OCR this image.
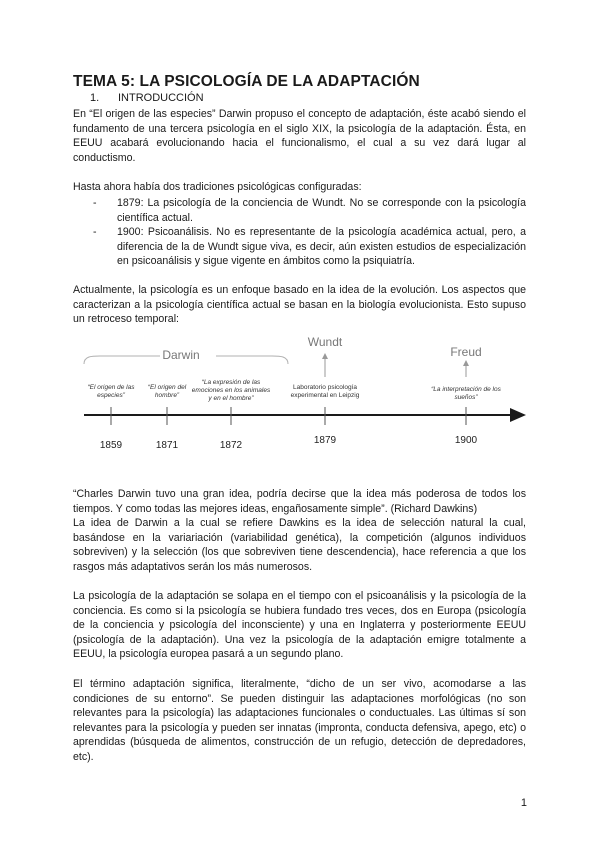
TEMA 5: LA PSICOLOGÍA DE LA ADAPTACIÓN
1. INTRODUCCIÓN
En “El origen de las especies” Darwin propuso el concepto de adaptación, éste acabó siendo el fundamento de una tercera psicología en el siglo XIX, la psicología de la adaptación. Ésta, en EEUU acabará evolucionando hacia el funcionalismo, el cual a su vez dará lugar al conductismo.
Hasta ahora había dos tradiciones psicológicas configuradas:
- 1879: La psicología de la conciencia de Wundt. No se corresponde con la psicología científica actual.
- 1900: Psicoanálisis. No es representante de la psicología académica actual, pero, a diferencia de la de Wundt sigue viva, es decir, aún existen estudios de especialización en psicoanálisis y sigue vigente en ámbitos como la psiquiatría.
Actualmente, la psicología es un enfoque basado en la idea de la evolución. Los aspectos que caracterizan a la psicología científica actual se basan en la biología evolucionista. Esto supuso un retroceso temporal:
Darwin
Wundt
Freud
“El origen de las
especies”
“El origen del
hombre”
“La expresión de las
emociones en los animales
y en el hombre”
Laboratorio psicología
experimental en Leipzig
“La interpretación de los
sueños”
1859	1871	1872	1879	1900
“Charles Darwin tuvo una gran idea, podría decirse que la idea más poderosa de todos los tiempos. Y como todas las mejores ideas, engañosamente simple”. (Richard Dawkins)
La idea de Darwin a la cual se refiere Dawkins es la idea de selección natural la cual, basándose en la variariación (variabilidad genética), la competición (algunos individuos sobreviven) y la selección (los que sobreviven tiene descendencia), hace referencia a que los rasgos más adaptativos serán los más numerosos.
La psicología de la adaptación se solapa en el tiempo con el psicoanálisis y la psicología de la conciencia. Es como si la psicología se hubiera fundado tres veces, dos en Europa (psicología de la conciencia y psicología del inconsciente) y una en Inglaterra y posteriormente EEUU (psicología de la adaptación). Una vez la psicología de la adaptación emigre totalmente a EEUU, la psicología europea pasará a un segundo plano.
El término adaptación significa, literalmente, “dicho de un ser vivo, acomodarse a las condiciones de su entorno”. Se pueden distinguir las adaptaciones morfológicas (no son relevantes para la psicología) las adaptaciones funcionales o conductuales. Las últimas sí son relevantes para la psicología y pueden ser innatas (impronta, conducta defensiva, apego, etc) o aprendidas (búsqueda de alimentos, construcción de un refugio, detección de depredadores, etc).
1
